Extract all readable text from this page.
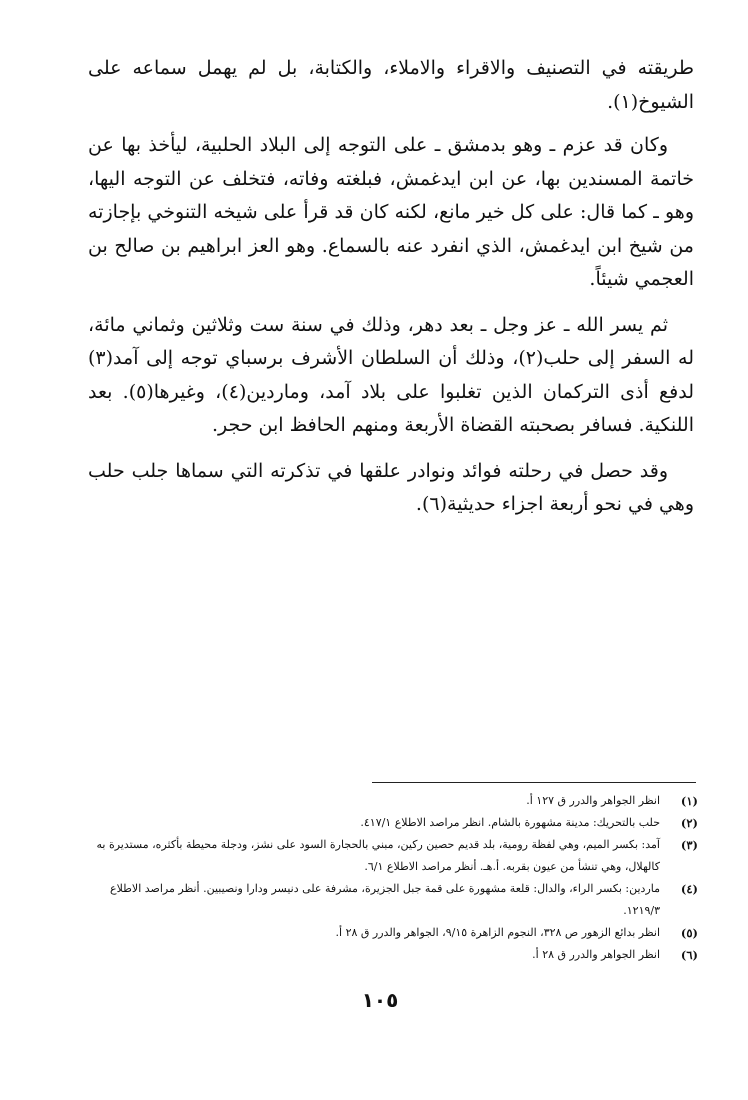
طريقته في التصنيف والاقراء والاملاء، والكتابة، بل لم يهمل سماعه على الشيوخ(١).

وكان قد عزم ـ وهو بدمشق ـ على التوجه إلى البلاد الحلبية، ليأخذ بها عن خاتمة المسندين بها، عن ابن ايدغمش، فبلغته وفاته، فتخلف عن التوجه اليها، وهو ـ كما قال: على كل خير مانع، لكنه كان قد قرأ على شيخه التنوخي بإجازته من شيخ ابن ايدغمش، الذي انفرد عنه بالسماع. وهو العز ابراهيم بن صالح بن العجمي شيئاً.

ثم يسر الله ـ عز وجل ـ بعد دهر، وذلك في سنة ست وثلاثين وثماني مائة، له السفر إلى حلب(٢)، وذلك أن السلطان الأشرف برسباي توجه إلى آمد(٣) لدفع أذى التركمان الذين تغلبوا على بلاد آمد، وماردين(٤)، وغيرها(٥). بعد اللنكية. فسافر بصحبته القضاة الأربعة ومنهم الحافظ ابن حجر.

وقد حصل في رحلته فوائد ونوادر علقها في تذكرته التي سماها جلب حلب وهي في نحو أربعة اجزاء حديثية(٦).

(١)
انظر الجواهر والدرر ق ١٢٧ أ.
(٢)
حلب بالتحريك: مدينة مشهورة بالشام. انظر مراصد الاطلاع ٤١٧/١.
(٣)
آمد: بكسر الميم، وهي لفظة رومية، بلد قديم حصين ركين، مبني بالحجارة السود على نشز، ودجلة محيطة بأكثره، مستديرة به كالهلال، وهي تنشأ من عيون بقربه. أ.هـ. أنظر مراصد الاطلاع ٦/١.
(٤)
ماردين: بكسر الراء، والدال: قلعة مشهورة على قمة جبل الجزيرة، مشرفة على دنيسر ودارا ونصيبين. أنظر مراصد الاطلاع ١٢١٩/٣.
(٥)
انظر بدائع الزهور ص ٣٢٨، النجوم الزاهرة ٩/١٥، الجواهر والدرر ق ٢٨ أ.
(٦)
انظر الجواهر والدرر ق ٢٨ أ.
١٠٥
